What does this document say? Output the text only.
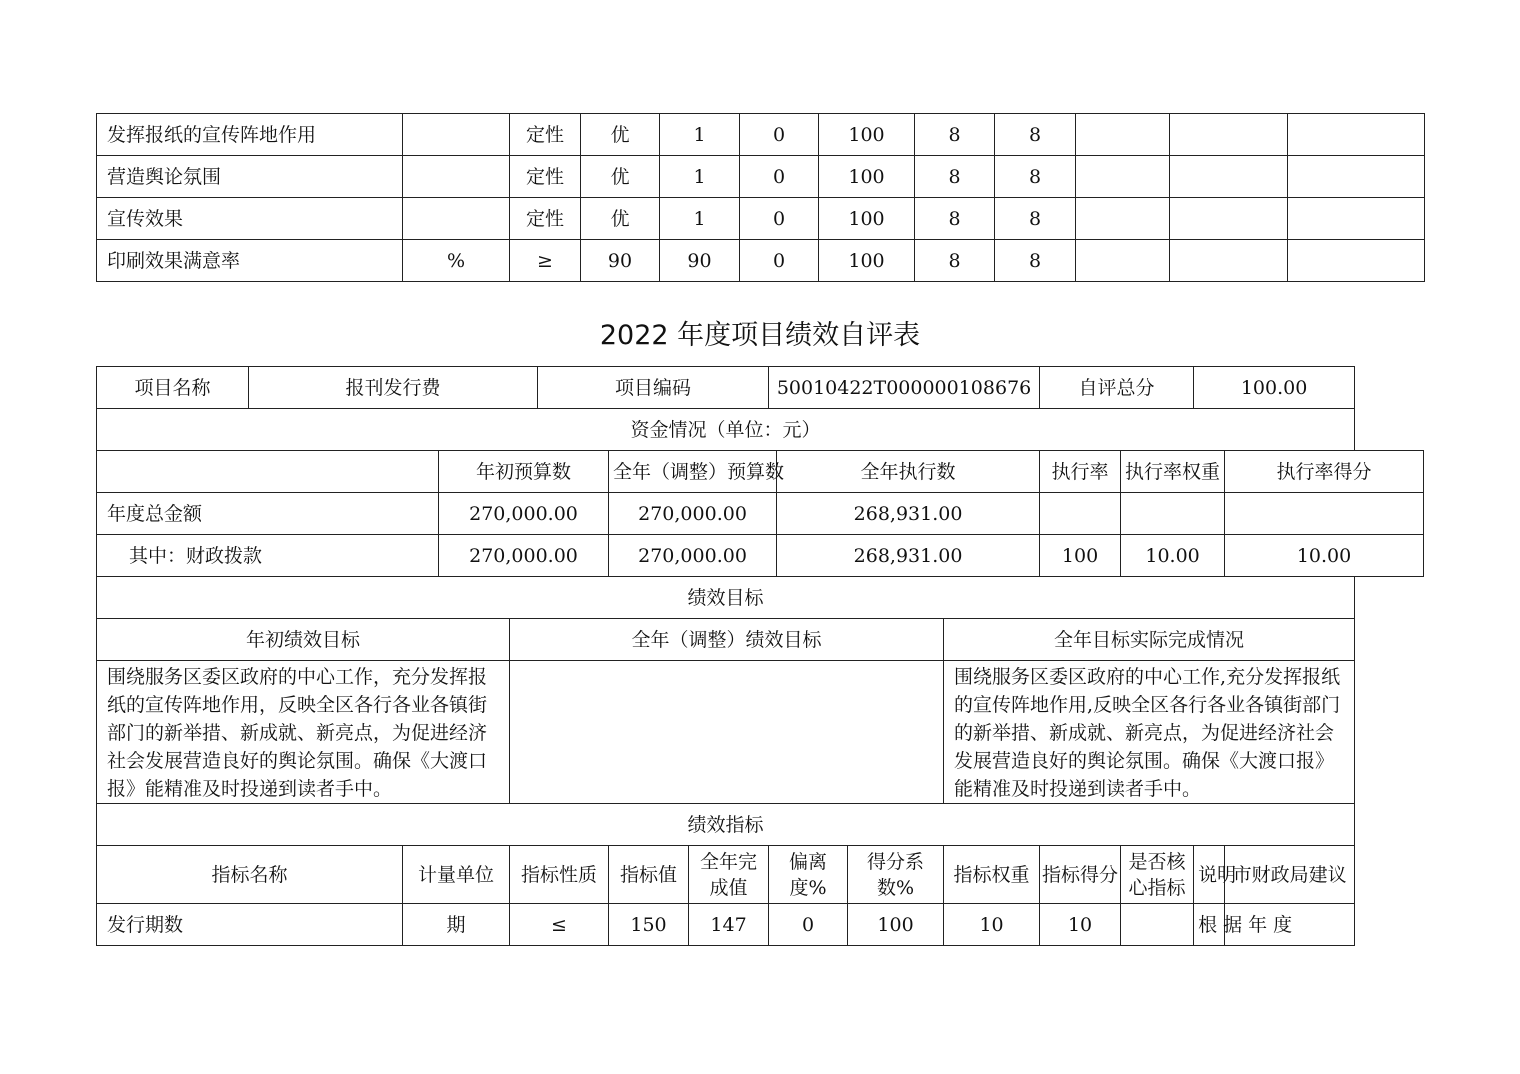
发挥报纸的宣传阵地作用		定性	优	1	0	100	8	8			
营造舆论氛围		定性	优	1	0	100	8	8			
宣传效果		定性	优	1	0	100	8	8			
印刷效果满意率	%	≥	90	90	0	100	8	8			
2022 年度项目绩效自评表
项目名称	报刊发行费				项目编码			50010422T000000108676				自评总分		100.00	
资金情况（单位：元）															
			年初预算数			全年（调整）预算数			全年执行数			执行率	执行率权重		执行率得分
年度总金额			270,000.00			270,000.00			268,931.00						
其中：财政拨款			270,000.00			270,000.00			268,931.00			100	10.00		10.00
绩效目标															
年初绩效目标				全年（调整）绩效目标							全年目标实际完成情况				
围绕服务区委区政府的中心工作，充分发挥报纸的宣传阵地作用，反映全区各行各业各镇街部门的新举措、新成就、新亮点，为促进经济社会发展营造良好的舆论氛围。确保《大渡口报》能精准及时投递到读者手中。											围绕服务区委区政府的中心工作,充分发挥报纸的宣传阵地作用,反映全区各行各业各镇街部门的新举措、新成就、新亮点，为促进经济社会发展营造良好的舆论氛围。确保《大渡口报》能精准及时投递到读者手中。				
绩效指标															
指标名称		计量单位		指标性质		指标值	全年完成值	偏离度%		得分系数%	指标权重	指标得分	是否核心指标	说明	市财政局建议
发行期数		期		≤		150	147	0		100	10	10		根据年度	
